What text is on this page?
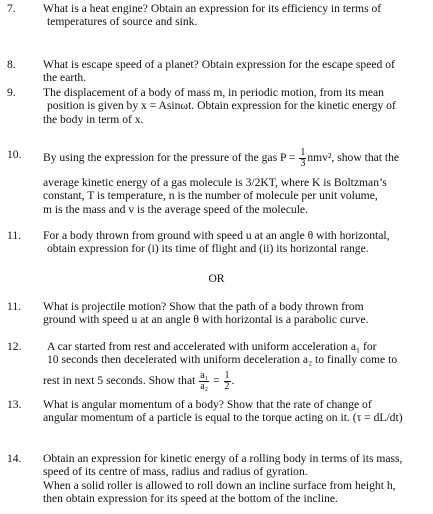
7. What is a heat engine? Obtain an expression for its efficiency in terms of
temperatures of source and sink.
8. What is escape speed of a planet? Obtain expression for the escape speed of
the earth.
9. The displacement of a body of mass m, in periodic motion, from its mean
position is given by x = Asinωt. Obtain expression for the kinetic energy of
the body in term of x.
10. By using the expression for the pressure of the gas $P = \frac{1}{3} nmv^2$, show that the
average kinetic energy of a gas molecule is 3/2KT, where K is Boltzman’s
constant, T is temperature, n is the number of molecule per unit volume,
m is the mass and v is the average speed of the molecule.
11. For a body thrown from ground with speed u at an angle θ with horizontal,
obtain expression for (i) its time of flight and (ii) its horizontal range.
OR
11. What is projectile motion? Show that the path of a body thrown from
ground with speed u at an angle θ with horizontal is a parabolic curve.
12.	A car started from rest and accelerated with uniform acceleration a₁ for
10 seconds then decelerated with uniform deceleration a₂ to finally come to
rest in next 5 seconds. Show that $\frac{\text{a₁}}{\text{a₂}} = \frac{1}{2}$ .
13. What is angular momentum of a body? Show that the rate of change of
angular momentum of a particle is equal to the torque acting on it. (τ = dL/dt)
14. Obtain an expression for kinetic energy of a rolling body in terms of its mass,
speed of its centre of mass, radius and radius of gyration.
When a solid roller is allowed to roll down an incline surface from height h,
then obtain expression for its speed at the bottom of the incline.
